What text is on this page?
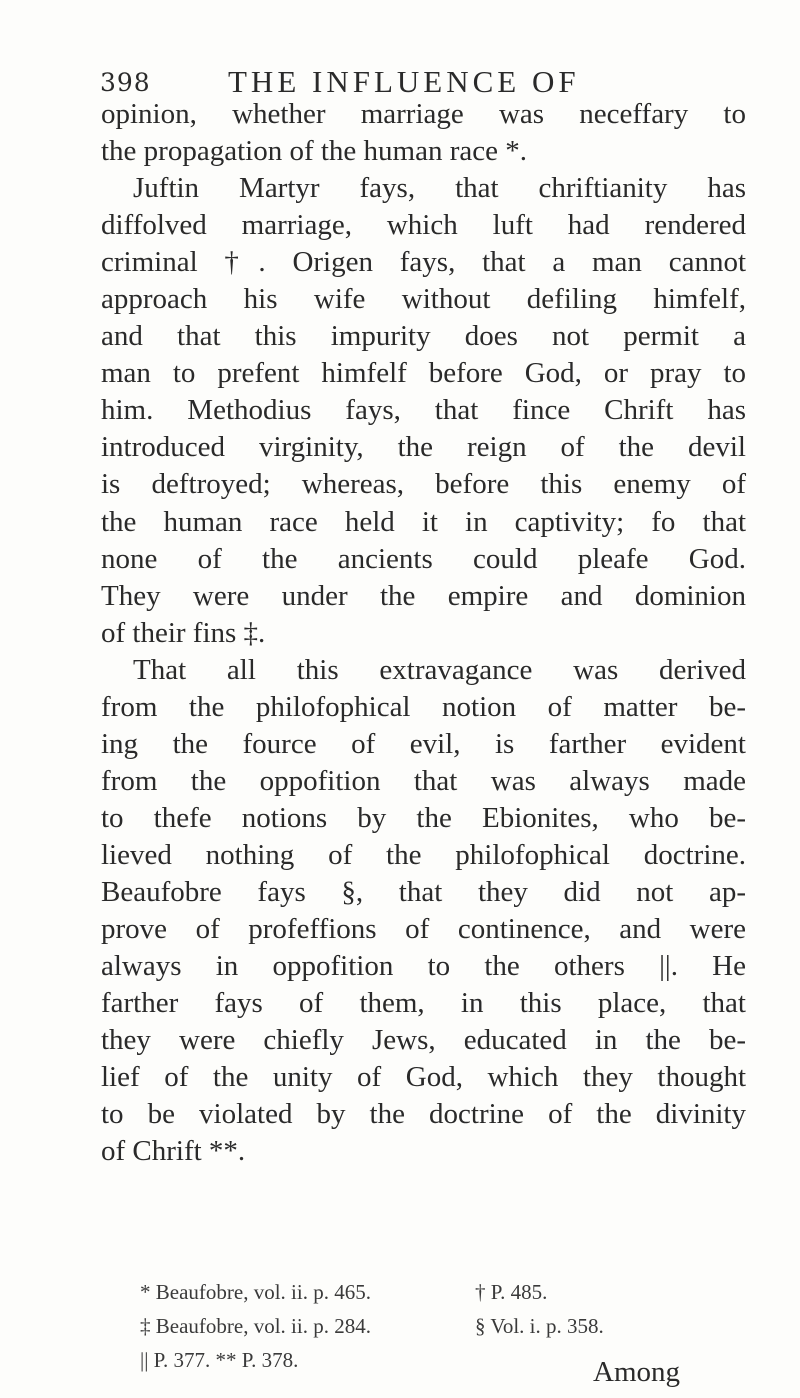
398 THE INFLUENCE OF
opinion, whether marriage was neceffary to
the propagation of the human race *.
Juftin Martyr fays, that chriftianity has
diffolved marriage, which luft had rendered
criminal †. Origen fays, that a man cannot
approach his wife without defiling himfelf,
and that this impurity does not permit a
man to prefent himfelf before God, or pray to
him. Methodius fays, that fince Chrift has
introduced virginity, the reign of the devil
is deftroyed; whereas, before this enemy of
the human race held it in captivity; fo that
none of the ancients could pleafe God.
They were under the empire and dominion
of their fins ‡.
That all this extravagance was derived
from the philofophical notion of matter be-
ing the fource of evil, is farther evident
from the oppofition that was always made
to thefe notions by the Ebionites, who be-
lieved nothing of the philofophical doctrine.
Beaufobre fays §, that they did not ap-
prove of profeffions of continence, and were
always in oppofition to the others ||. He
farther fays of them, in this place, that
they were chiefly Jews, educated in the be-
lief of the unity of God, which they thought
to be violated by the doctrine of the divinity
of Chrift **.
* Beaufobre, vol. ii. p. 465.	† P. 485.
‡ Beaufobre, vol. ii. p. 284.	§ Vol. i. p. 358.
|| P. 377. ** P. 378.	Among
